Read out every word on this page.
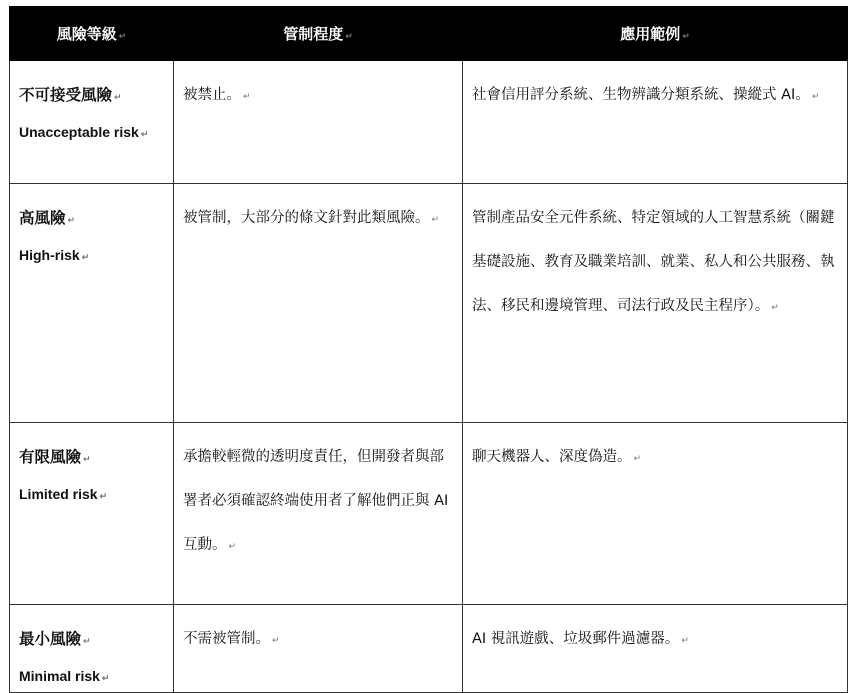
風險等級 ↵	管制程度 ↵	應用範例 ↵

不可接受風險 ↵
Unacceptable risk ↵	被禁止。 ↵	社會信用評分系統、生物辨識分類系統、操縱式 AI。 ↵

高風險 ↵
High-risk ↵	被管制，大部分的條文針對此類風險。 ↵	管制產品安全元件系統、特定領域的人工智慧系統（關鍵基礎設施、教育及職業培訓、就業、私人和公共服務、執法、移民和邊境管理、司法行政及民主程序）。 ↵

有限風險 ↵
Limited risk ↵	承擔較輕微的透明度責任，但開發者與部署者必須確認終端使用者了解他們正與 AI 互動。 ↵	聊天機器人、深度偽造。 ↵

最小風險 ↵
Minimal risk ↵	不需被管制。 ↵	AI 視訊遊戲、垃圾郵件過濾器。 ↵
